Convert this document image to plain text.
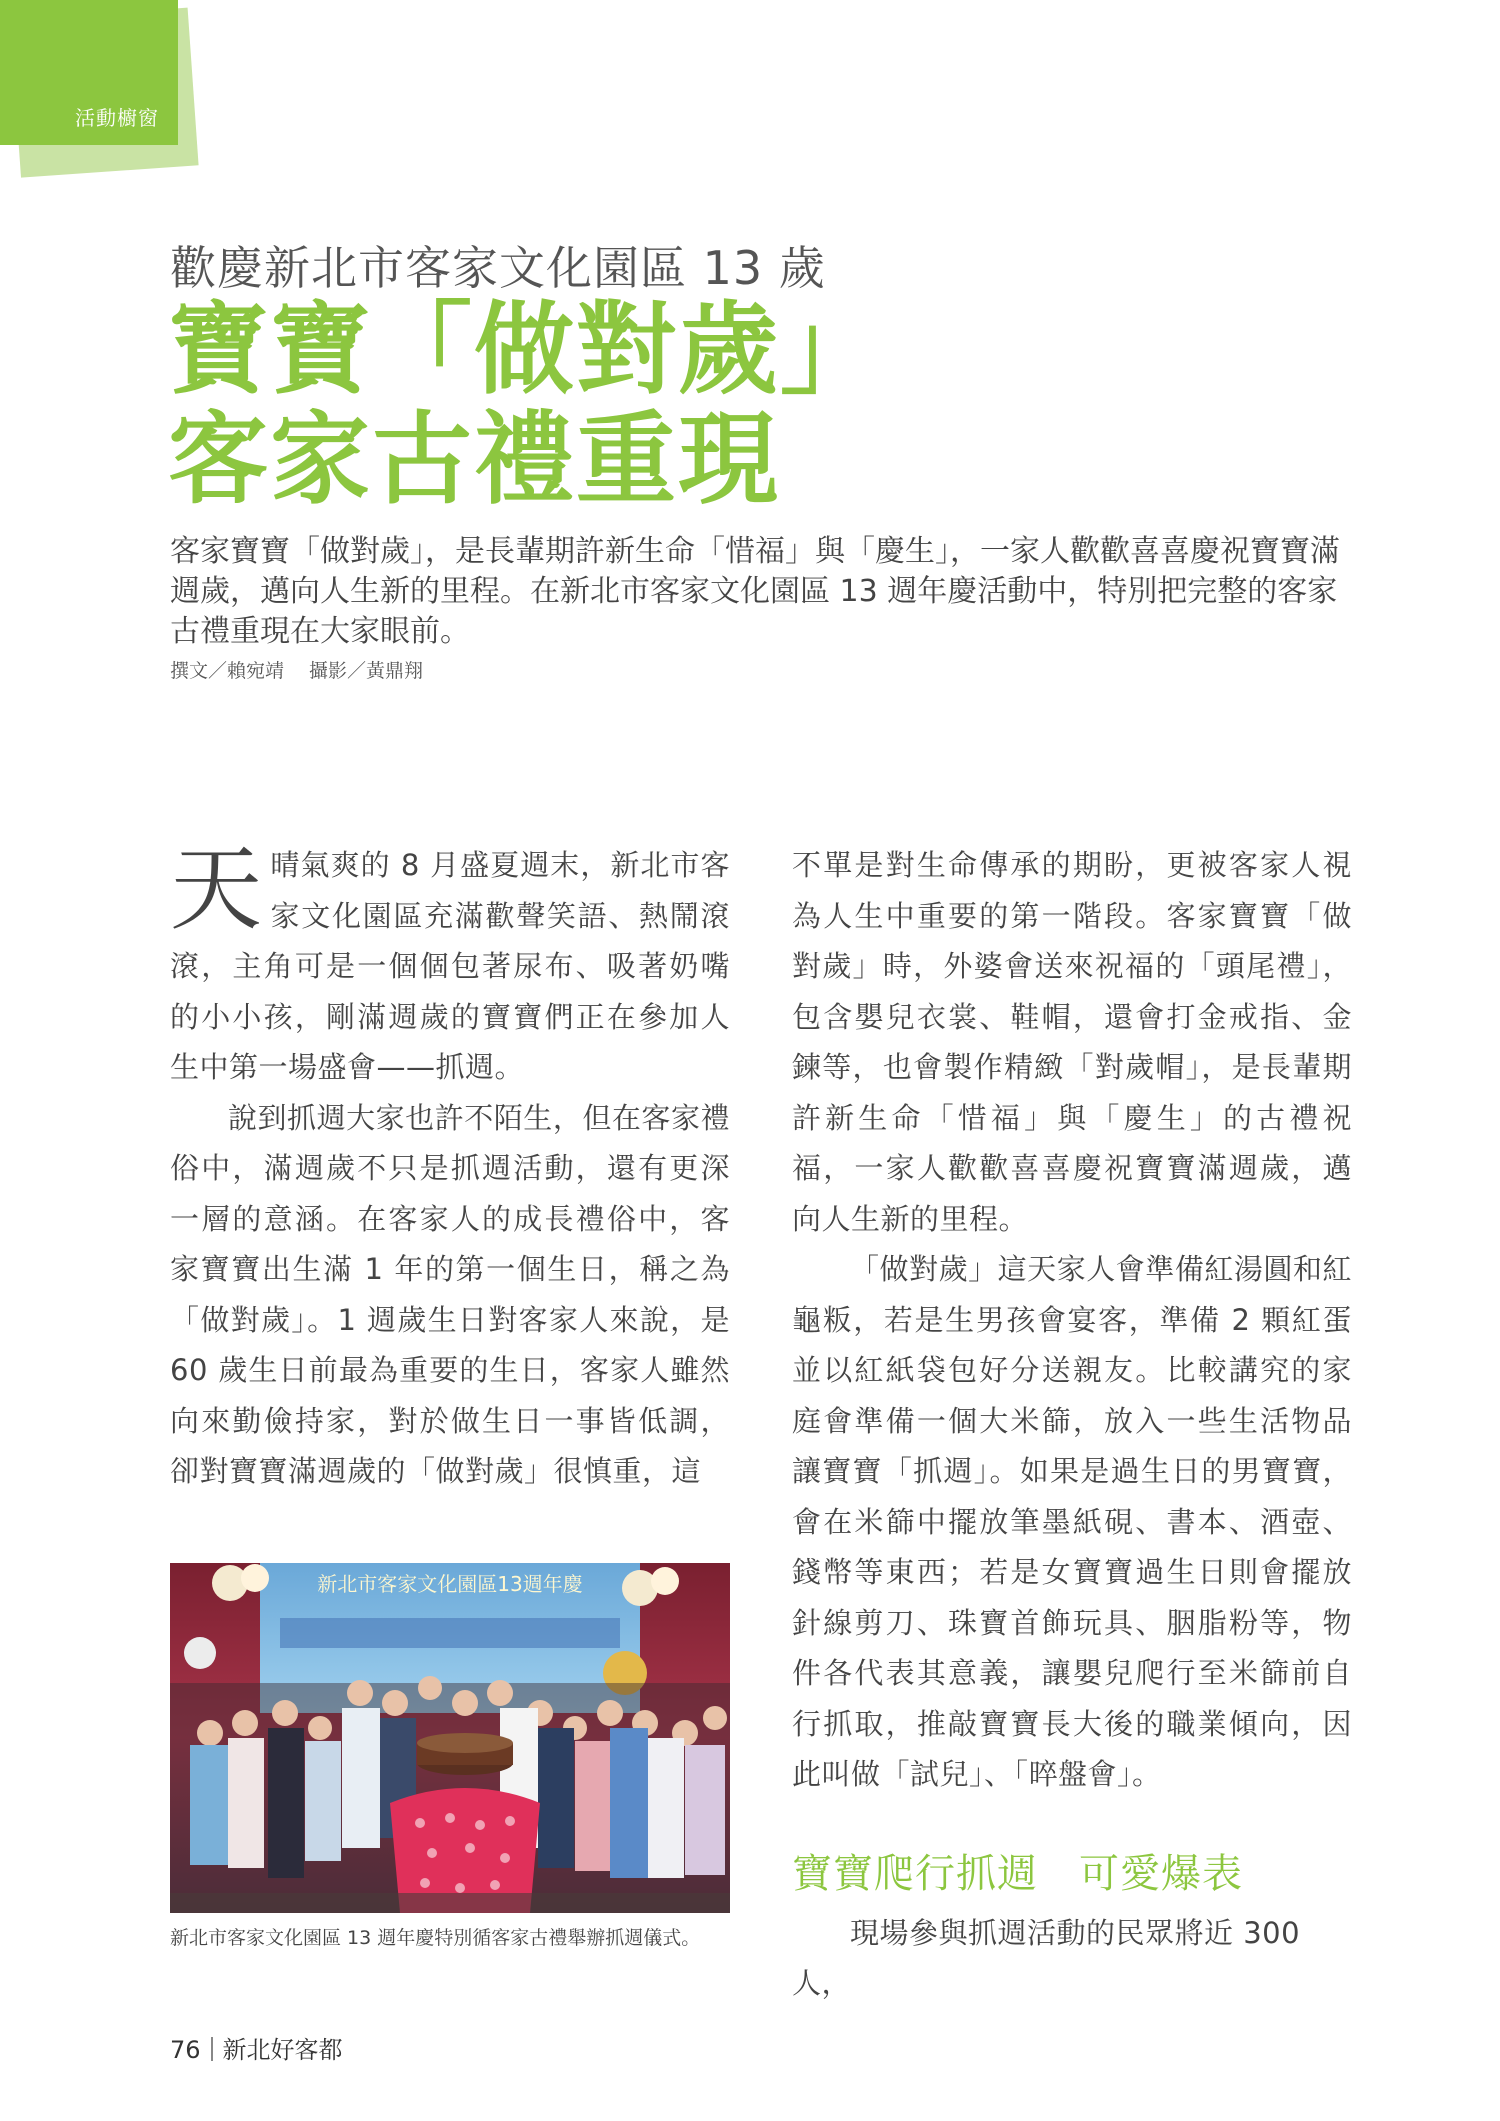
活動櫥窗
歡慶新北市客家文化園區 13 歲
寶寶「做對歲」
客家古禮重現
客家寶寶「做對歲」，是長輩期許新生命「惜福」與「慶生」，一家人歡歡喜喜慶祝寶寶滿週歲，邁向人生新的里程。在新北市客家文化園區 13 週年慶活動中，特別把完整的客家古禮重現在大家眼前。
撰文／賴宛靖　 攝影／黃鼎翔

天晴氣爽的 8 月盛夏週末，新北市客家文化園區充滿歡聲笑語、熱鬧滾滾，主角可是一個個包著尿布、吸著奶嘴的小小孩，剛滿週歲的寶寶們正在參加人生中第一場盛會——抓週。

說到抓週大家也許不陌生，但在客家禮俗中，滿週歲不只是抓週活動，還有更深一層的意涵。在客家人的成長禮俗中，客家寶寶出生滿 1 年的第一個生日，稱之為「做對歲」。1 週歲生日對客家人來說，是 60 歲生日前最為重要的生日，客家人雖然向來勤儉持家，對於做生日一事皆低調，卻對寶寶滿週歲的「做對歲」很慎重，這

新北市客家文化園區13週年慶
新北市客家文化園區 13 週年慶特別循客家古禮舉辦抓週儀式。

不單是對生命傳承的期盼，更被客家人視為人生中重要的第一階段。客家寶寶「做對歲」時，外婆會送來祝福的「頭尾禮」，包含嬰兒衣裳、鞋帽，還會打金戒指、金鍊等，也會製作精緻「對歲帽」，是長輩期許新生命「惜福」與「慶生」的古禮祝福，一家人歡歡喜喜慶祝寶寶滿週歲，邁向人生新的里程。

「做對歲」這天家人會準備紅湯圓和紅龜粄，若是生男孩會宴客，準備 2 顆紅蛋並以紅紙袋包好分送親友。比較講究的家庭會準備一個大米篩，放入一些生活物品讓寶寶「抓週」。如果是過生日的男寶寶，會在米篩中擺放筆墨紙硯、書本、酒壺、錢幣等東西；若是女寶寶過生日則會擺放針線剪刀、珠寶首飾玩具、胭脂粉等，物件各代表其意義，讓嬰兒爬行至米篩前自行抓取，推敲寶寶長大後的職業傾向，因此叫做「試兒」、「晬盤會」。

寶寶爬行抓週　可愛爆表
現場參與抓週活動的民眾將近 300 人，
76 新北好客都
